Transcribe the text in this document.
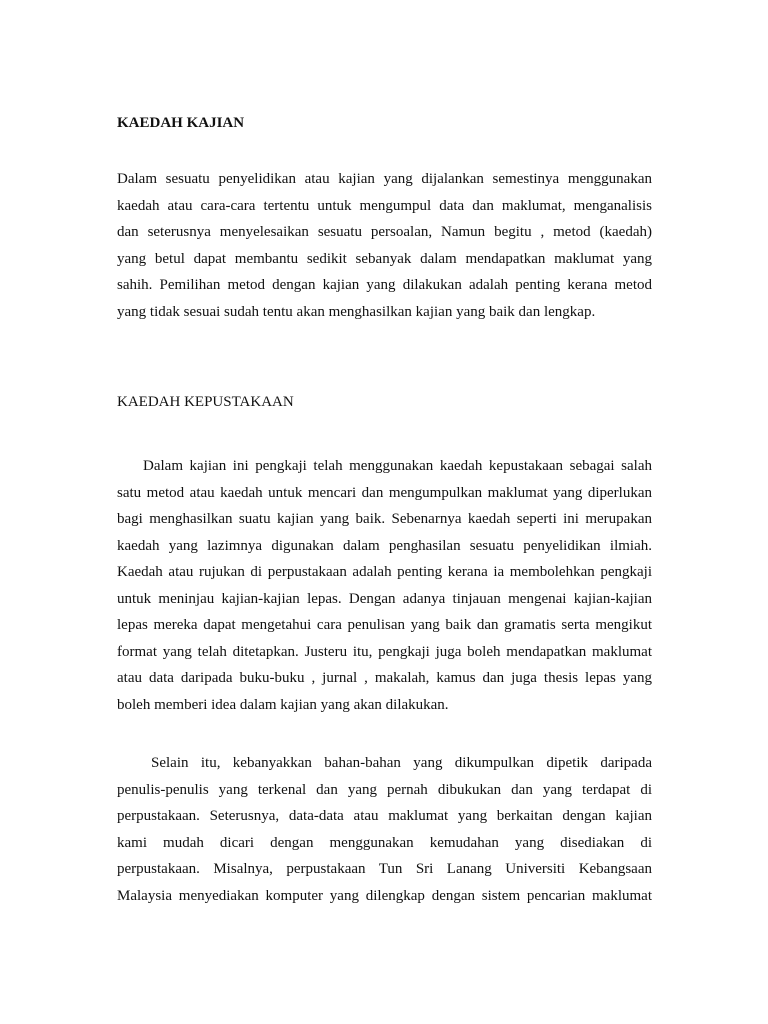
KAEDAH KAJIAN
Dalam sesuatu penyelidikan atau kajian yang dijalankan semestinya menggunakan
kaedah atau cara-cara tertentu untuk mengumpul data dan maklumat, menganalisis
dan seterusnya menyelesaikan sesuatu persoalan, Namun begitu , metod (kaedah)
yang betul dapat membantu sedikit sebanyak dalam mendapatkan maklumat yang
sahih. Pemilihan metod dengan kajian yang dilakukan adalah penting kerana metod
yang tidak sesuai sudah tentu akan menghasilkan kajian yang baik dan lengkap.
KAEDAH KEPUSTAKAAN
Dalam kajian ini pengkaji telah menggunakan kaedah kepustakaan sebagai salah
satu metod atau kaedah untuk mencari dan mengumpulkan maklumat yang diperlukan
bagi menghasilkan suatu kajian yang baik. Sebenarnya kaedah seperti ini merupakan
kaedah yang lazimnya digunakan dalam penghasilan sesuatu penyelidikan ilmiah.
Kaedah atau rujukan di perpustakaan adalah penting kerana ia membolehkan pengkaji
untuk meninjau kajian-kajian lepas. Dengan adanya tinjauan mengenai kajian-kajian
lepas mereka dapat mengetahui cara penulisan yang baik dan gramatis serta mengikut
format yang telah ditetapkan. Justeru itu, pengkaji juga boleh mendapatkan maklumat
atau data daripada buku-buku , jurnal , makalah, kamus dan juga thesis lepas yang
boleh memberi idea dalam kajian yang akan dilakukan.
Selain itu, kebanyakkan bahan-bahan yang dikumpulkan dipetik daripada
penulis-penulis yang terkenal dan yang pernah dibukukan dan yang terdapat di
perpustakaan. Seterusnya, data-data atau maklumat yang berkaitan dengan kajian
kami mudah dicari dengan menggunakan kemudahan yang disediakan di
perpustakaan. Misalnya, perpustakaan Tun Sri Lanang Universiti Kebangsaan
Malaysia menyediakan komputer yang dilengkap dengan sistem pencarian maklumat
